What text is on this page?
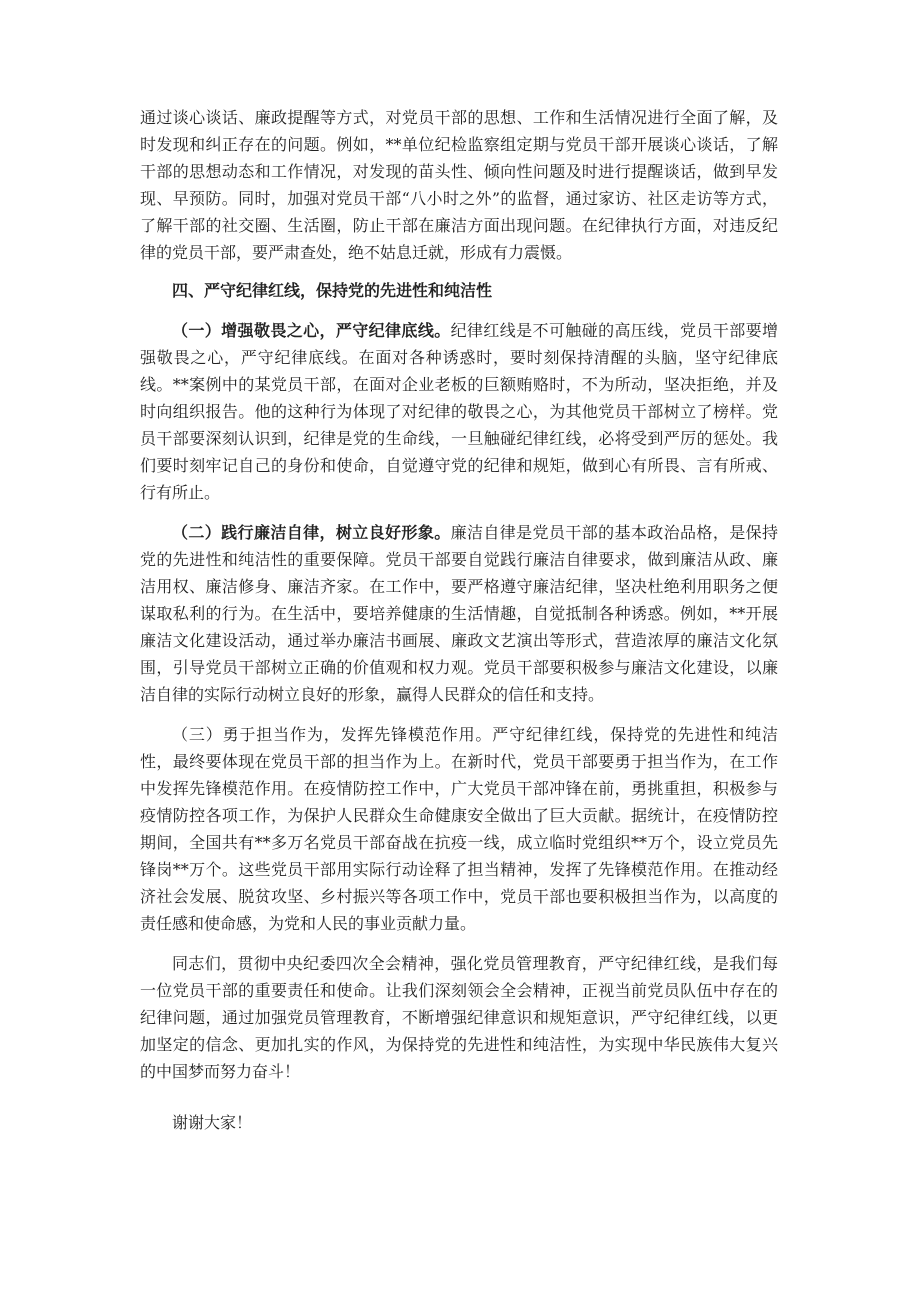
通过谈心谈话、廉政提醒等方式，对党员干部的思想、工作和生活情况进行全面了解，及时发现和纠正存在的问题。例如，**单位纪检监察组定期与党员干部开展谈心谈话，了解干部的思想动态和工作情况，对发现的苗头性、倾向性问题及时进行提醒谈话，做到早发现、早预防。同时，加强对党员干部“八小时之外”的监督，通过家访、社区走访等方式，了解干部的社交圈、生活圈，防止干部在廉洁方面出现问题。在纪律执行方面，对违反纪律的党员干部，要严肃查处，绝不姑息迁就，形成有力震慑。

四、严守纪律红线，保持党的先进性和纯洁性

（一）增强敬畏之心，严守纪律底线。纪律红线是不可触碰的高压线，党员干部要增强敬畏之心，严守纪律底线。在面对各种诱惑时，要时刻保持清醒的头脑，坚守纪律底线。**案例中的某党员干部，在面对企业老板的巨额贿赂时，不为所动，坚决拒绝，并及时向组织报告。他的这种行为体现了对纪律的敬畏之心，为其他党员干部树立了榜样。党员干部要深刻认识到，纪律是党的生命线，一旦触碰纪律红线，必将受到严厉的惩处。我们要时刻牢记自己的身份和使命，自觉遵守党的纪律和规矩，做到心有所畏、言有所戒、行有所止。

（二）践行廉洁自律，树立良好形象。廉洁自律是党员干部的基本政治品格，是保持党的先进性和纯洁性的重要保障。党员干部要自觉践行廉洁自律要求，做到廉洁从政、廉洁用权、廉洁修身、廉洁齐家。在工作中，要严格遵守廉洁纪律，坚决杜绝利用职务之便谋取私利的行为。在生活中，要培养健康的生活情趣，自觉抵制各种诱惑。例如，**开展廉洁文化建设活动，通过举办廉洁书画展、廉政文艺演出等形式，营造浓厚的廉洁文化氛围，引导党员干部树立正确的价值观和权力观。党员干部要积极参与廉洁文化建设，以廉洁自律的实际行动树立良好的形象，赢得人民群众的信任和支持。

（三）勇于担当作为，发挥先锋模范作用。严守纪律红线，保持党的先进性和纯洁性，最终要体现在党员干部的担当作为上。在新时代，党员干部要勇于担当作为，在工作中发挥先锋模范作用。在疫情防控工作中，广大党员干部冲锋在前，勇挑重担，积极参与疫情防控各项工作，为保护人民群众生命健康安全做出了巨大贡献。据统计，在疫情防控期间，全国共有**多万名党员干部奋战在抗疫一线，成立临时党组织**万个，设立党员先锋岗**万个。这些党员干部用实际行动诠释了担当精神，发挥了先锋模范作用。在推动经济社会发展、脱贫攻坚、乡村振兴等各项工作中，党员干部也要积极担当作为，以高度的责任感和使命感，为党和人民的事业贡献力量。

同志们，贯彻中央纪委四次全会精神，强化党员管理教育，严守纪律红线，是我们每一位党员干部的重要责任和使命。让我们深刻领会全会精神，正视当前党员队伍中存在的纪律问题，通过加强党员管理教育，不断增强纪律意识和规矩意识，严守纪律红线，以更加坚定的信念、更加扎实的作风，为保持党的先进性和纯洁性，为实现中华民族伟大复兴的中国梦而努力奋斗！

谢谢大家！
